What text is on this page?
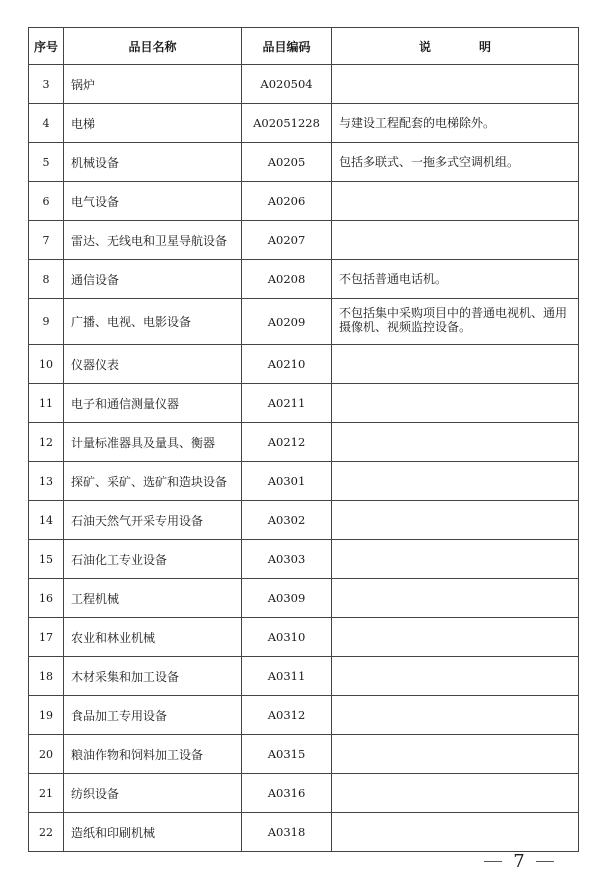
序号	品目名称	品目编码	说　明
3	锅炉	A020504	
4	电梯	A02051228	与建设工程配套的电梯除外。
5	机械设备	A0205	包括多联式、一拖多式空调机组。
6	电气设备	A0206	
7	雷达、无线电和卫星导航设备	A0207	
8	通信设备	A0208	不包括普通电话机。
9	广播、电视、电影设备	A0209	不包括集中采购项目中的普通电视机、通用摄像机、视频监控设备。
10	仪器仪表	A0210	
11	电子和通信测量仪器	A0211	
12	计量标准器具及量具、衡器	A0212	
13	探矿、采矿、选矿和造块设备	A0301	
14	石油天然气开采专用设备	A0302	
15	石油化工专业设备	A0303	
16	工程机械	A0309	
17	农业和林业机械	A0310	
18	木材采集和加工设备	A0311	
19	食品加工专用设备	A0312	
20	粮油作物和饲料加工设备	A0315	
21	纺织设备	A0316	
22	造纸和印刷机械	A0318	
7
